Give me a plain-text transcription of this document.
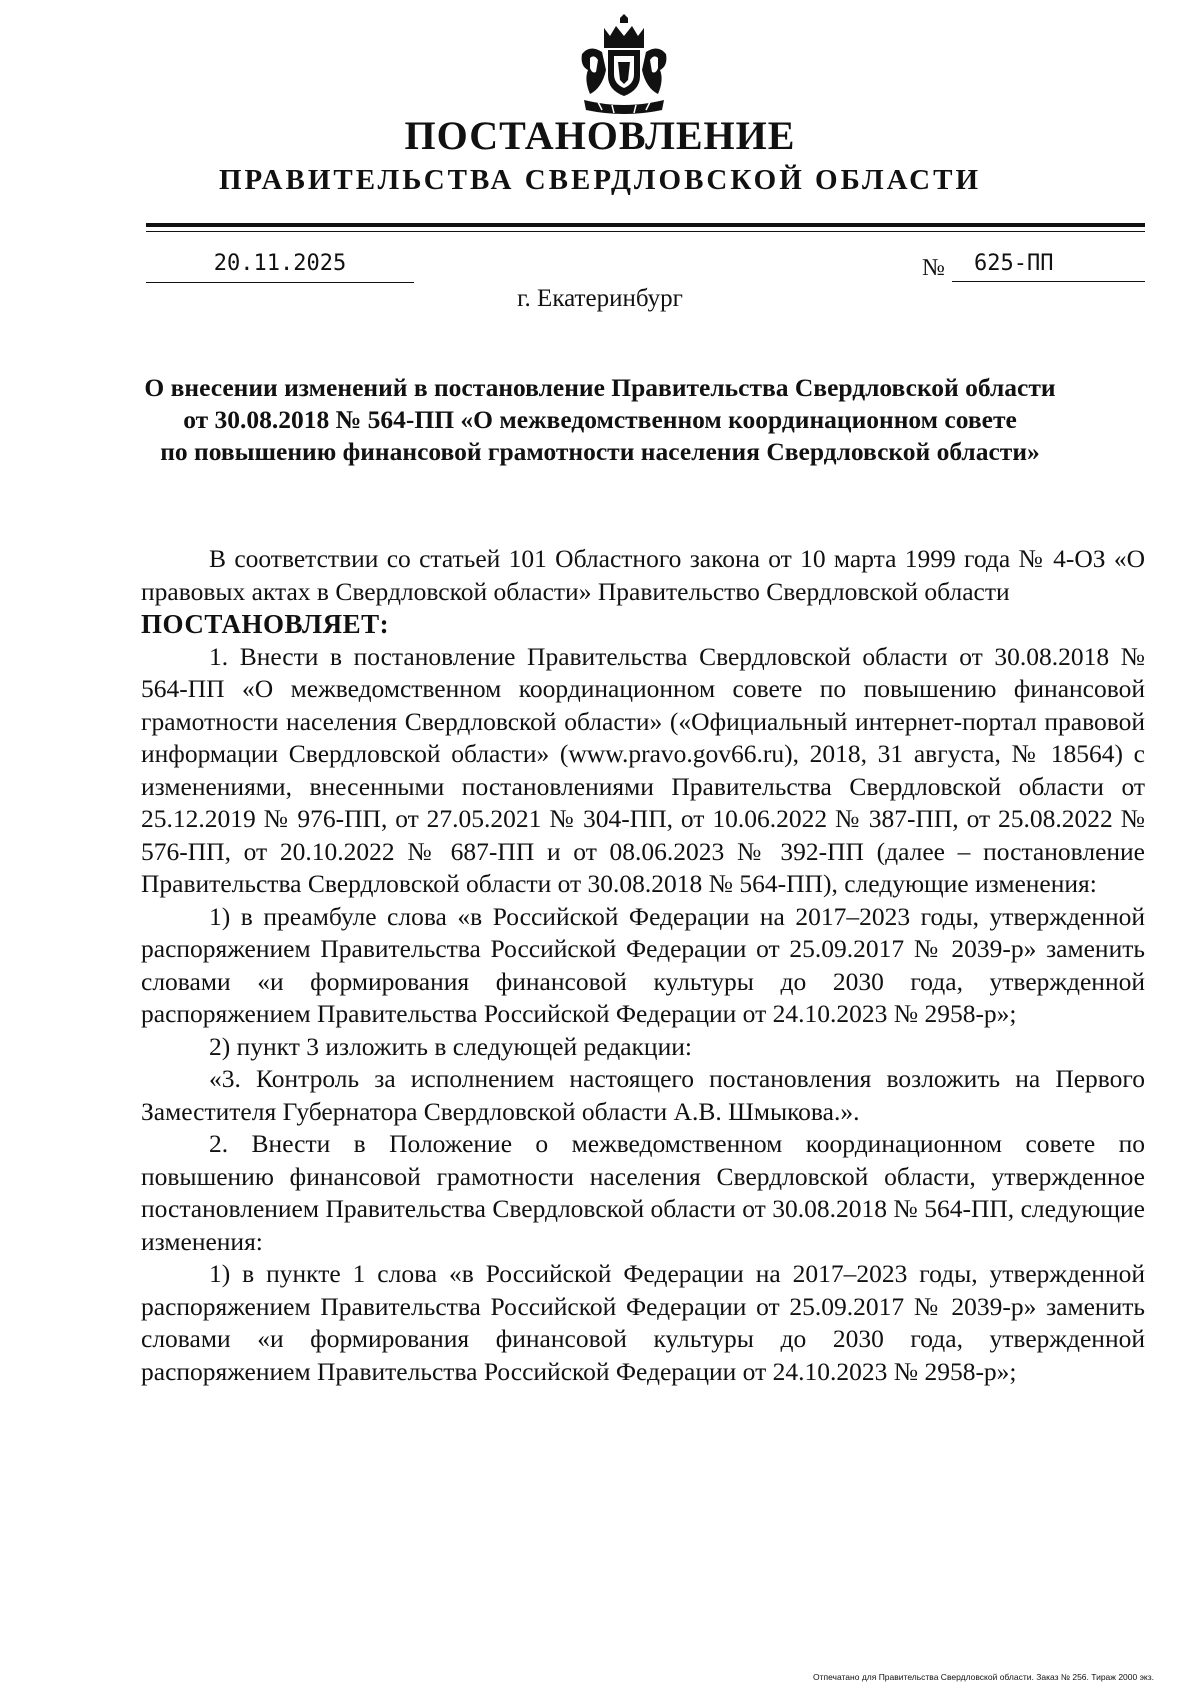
ПОСТАНОВЛЕНИЕ
ПРАВИТЕЛЬСТВА СВЕРДЛОВСКОЙ ОБЛАСТИ
20.11.2025	№	625-ПП
г. Екатеринбург
О внесении изменений в постановление Правительства Свердловской области
от 30.08.2018 № 564-ПП «О межведомственном координационном совете
по повышению финансовой грамотности населения Свердловской области»

В соответствии со статьей 101 Областного закона от 10 марта 1999 года № 4-ОЗ «О правовых актах в Свердловской области» Правительство Свердловской области

ПОСТАНОВЛЯЕТ:

1. Внести в постановление Правительства Свердловской области от 30.08.2018 № 564-ПП «О межведомственном координационном совете по повышению финансовой грамотности населения Свердловской области» («Официальный интернет-портал правовой информации Свердловской области» (www.pravo.gov66.ru), 2018, 31 августа, № 18564) с изменениями, внесенными постановлениями Правительства Свердловской области от 25.12.2019 № 976-ПП, от 27.05.2021 № 304-ПП, от 10.06.2022 № 387-ПП, от 25.08.2022 № 576-ПП, от 20.10.2022 № 687-ПП и от 08.06.2023 № 392-ПП (далее – постановление Правительства Свердловской области от 30.08.2018 № 564-ПП), следующие изменения:

1) в преамбуле слова «в Российской Федерации на 2017–2023 годы, утвержденной распоряжением Правительства Российской Федерации от 25.09.2017 № 2039-р» заменить словами «и формирования финансовой культуры до 2030 года, утвержденной распоряжением Правительства Российской Федерации от 24.10.2023 № 2958-р»;

2) пункт 3 изложить в следующей редакции:

«3. Контроль за исполнением настоящего постановления возложить на Первого Заместителя Губернатора Свердловской области А.В. Шмыкова.».

2. Внести в Положение о межведомственном координационном совете по повышению финансовой грамотности населения Свердловской области, утвержденное постановлением Правительства Свердловской области от 30.08.2018 № 564-ПП, следующие изменения:

1) в пункте 1 слова «в Российской Федерации на 2017–2023 годы, утвержденной распоряжением Правительства Российской Федерации от 25.09.2017 № 2039-р» заменить словами «и формирования финансовой культуры до 2030 года, утвержденной распоряжением Правительства Российской Федерации от 24.10.2023 № 2958-р»;

Отпечатано для Правительства Свердловской области. Заказ № 256. Тираж 2000 экз.
